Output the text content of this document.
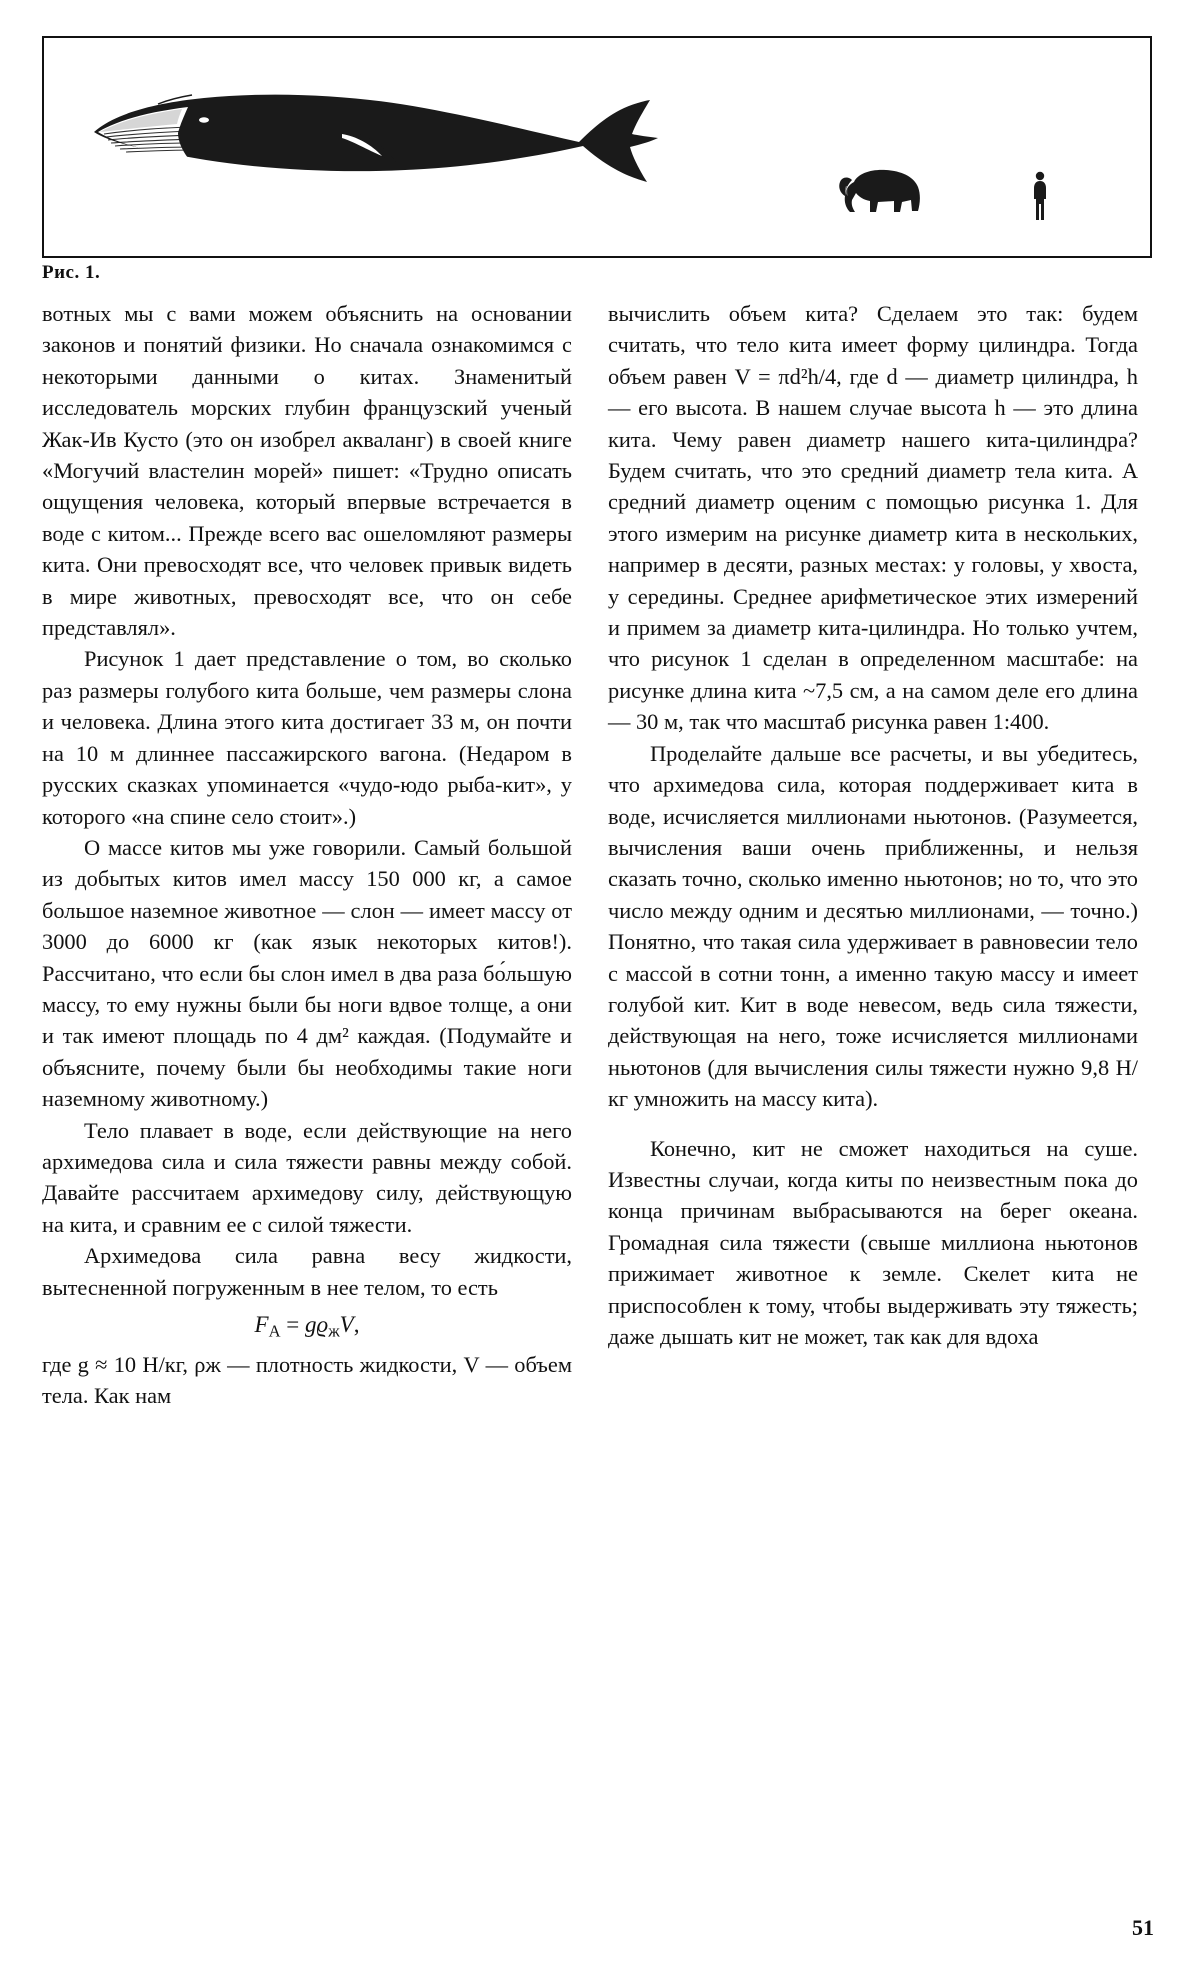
Рис. 1.

вотных мы с вами можем объяснить на основании законов и понятий физики. Но сначала ознакомимся с некоторыми данными о китах. Знаменитый исследователь морских глубин французский ученый Жак-Ив Кусто (это он изобрел акваланг) в своей книге «Могучий властелин морей» пишет: «Трудно описать ощущения человека, который впервые встречается в воде с китом... Прежде всего вас ошеломляют размеры кита. Они превосходят все, что человек привык видеть в мире животных, превосходят все, что он себе представлял».

Рисунок 1 дает представление о том, во сколько раз размеры голубого кита больше, чем размеры слона и человека. Длина этого кита достигает 33 м, он почти на 10 м длиннее пассажирского вагона. (Недаром в русских сказках упоминается «чудо-юдо рыба-кит», у которого «на спине село стоит».)

О массе китов мы уже говорили. Самый большой из добытых китов имел массу 150 000 кг, а самое большое наземное животное — слон — имеет массу от 3000 до 6000 кг (как язык некоторых китов!). Рассчитано, что если бы слон имел в два раза бо́льшую массу, то ему нужны были бы ноги вдвое толще, а они и так имеют площадь по 4 дм² каждая. (Подумайте и объясните, почему были бы необходимы такие ноги наземному животному.)

Тело плавает в воде, если действующие на него архимедова сила и сила тяжести равны между собой. Давайте рассчитаем архимедову силу, действующую на кита, и сравним ее с силой тяжести.

Архимедова сила равна весу жидкости, вытесненной погруженным в нее телом, то есть

$F_А = gϱ_жV$,

где g ≈ 10 Н/кг, ρж — плотность жидкости, V — объем тела. Как нам

вычислить объем кита? Сделаем это так: будем считать, что тело кита имеет форму цилиндра. Тогда объем равен V = πd²h/4, где d — диаметр цилиндра, h — его высота. В нашем случае высота h — это длина кита. Чему равен диаметр нашего кита-цилиндра? Будем считать, что это средний диаметр тела кита. А средний диаметр оценим с помощью рисунка 1. Для этого измерим на рисунке диаметр кита в нескольких, например в десяти, разных местах: у головы, у хвоста, у середины. Среднее арифметическое этих измерений и примем за диаметр кита-цилиндра. Но только учтем, что рисунок 1 сделан в определенном масштабе: на рисунке длина кита ~7,5 см, а на самом деле его длина — 30 м, так что масштаб рисунка равен 1:400.

Проделайте дальше все расчеты, и вы убедитесь, что архимедова сила, которая поддерживает кита в воде, исчисляется миллионами ньютонов. (Разумеется, вычисления ваши очень приближенны, и нельзя сказать точно, сколько именно ньютонов; но то, что это число между одним и десятью миллионами, — точно.) Понятно, что такая сила удерживает в равновесии тело с массой в сотни тонн, а именно такую массу и имеет голубой кит. Кит в воде невесом, ведь сила тяжести, действующая на него, тоже исчисляется миллионами ньютонов (для вычисления силы тяжести нужно 9,8 Н/кг умножить на массу кита).

Конечно, кит не сможет находиться на суше. Известны случаи, когда киты по неизвестным пока до конца причинам выбрасываются на берег океана. Громадная сила тяжести (свыше миллиона ньютонов прижимает животное к земле. Скелет кита не приспособлен к тому, чтобы выдерживать эту тяжесть; даже дышать кит не может, так как для вдоха

51
